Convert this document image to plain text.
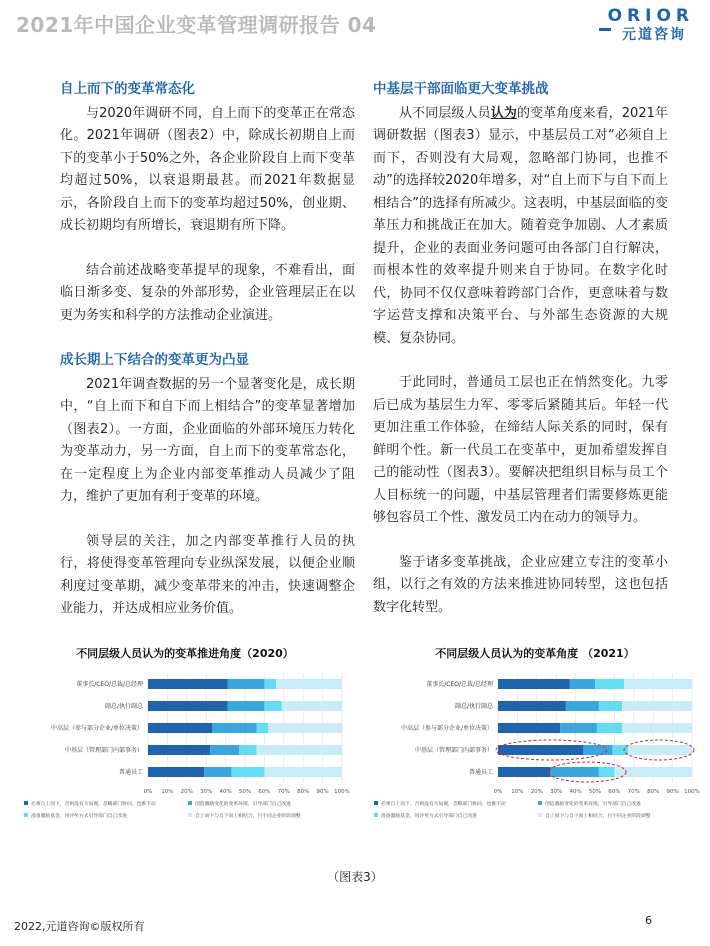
2021年中国企业变革管理调研报告 04	ORIOR
元道咨询
自上而下的变革常态化

与2020年调研不同，自上而下的变革正在常态化。2021年调研（图表2）中，除成长初期自上而下的变革小于50%之外，各企业阶段自上而下变革均超过50%，以衰退期最甚。而2021年数据显示，各阶段自上而下的变革均超过50%，创业期、成长初期均有所增长，衰退期有所下降。

结合前述战略变革提早的现象，不难看出，面临日渐多变、复杂的外部形势，企业管理层正在以更为务实和科学的方法推动企业演进。

成长期上下结合的变革更为凸显

2021年调查数据的另一个显著变化是，成长期中，“自上而下和自下而上相结合”的变革显著增加（图表2）。一方面，企业面临的外部环境压力转化为变革动力，另一方面，自上而下的变革常态化，在一定程度上为企业内部变革推动人员减少了阻力，维护了更加有利于变革的环境。

领导层的关注，加之内部变革推行人员的执行，将使得变革管理向专业纵深发展，以便企业顺利度过变革期，减少变革带来的冲击，快速调整企业能力，并达成相应业务价值。

中基层干部面临更大变革挑战

从不同层级人员认为的变革角度来看，2021年调研数据（图表3）显示，中基层员工对“必须自上而下，否则没有大局观，忽略部门协同，也推不动”的选择较2020年增多，对“自上而下与自下而上相结合”的选择有所减少。这表明，中基层面临的变革压力和挑战正在加大。随着竞争加剧、人才素质提升，企业的表面业务问题可由各部门自行解决，而根本性的效率提升则来自于协同。在数字化时代，协同不仅仅意味着跨部门合作，更意味着与数字运营支撑和决策平台、与外部生态资源的大规模、复杂协同。

于此同时，普通员工层也正在悄然变化。九零后已成为基层生力军、零零后紧随其后。年轻一代更加注重工作体验，在缔结人际关系的同时，保有鲜明个性。新一代员工在变革中，更加希望发挥自己的能动性（图表3）。要解决把组织目标与员工个人目标统一的问题，中基层管理者们需要修炼更能够包容员工个性、激发员工内在动力的领导力。

鉴于诸多变革挑战，企业应建立专注的变革小组，以行之有效的方法来推进协同转型，这也包括数字化转型。

不同层级人员认为的变革推进角度（2020）
0% 10% 20% 30% 40% 50% 60% 70% 80% 90% 100%
董事长/CEO/总裁/总经理
副总/执行副总
中高层（参与部分企业/单位决策）
中基层（管理部门内部事务）
普通员工
必须自上而下，否则没有大局观，忽略部门协同，也推不动	创造激励变化的变革环境，引导部门自己改进
准备激励基金，用评奖方式引导部门自己改进	自上而下与自下而上相结合，目不同企业阶段调整
不同层级人员认为的变革角度 （2021）
0% 10% 20% 30% 40% 50% 60% 70% 80% 90% 100%
董事长/CEO/总裁/总经理
副总/执行副总
中高层（参与部分企业/单位决策）
中基层（管理部门内部事务）
普通员工
必须自上而下，否则没有大局观，忽略部门协同，也推不动	创造激励变化的变革环境，引导部门自己改进
准备激励基金，用评奖方式引导部门自己改进	自上而下与自下而上相结合，目不同企业阶段调整
（图表3）
2022,元道咨询©版权所有	6
